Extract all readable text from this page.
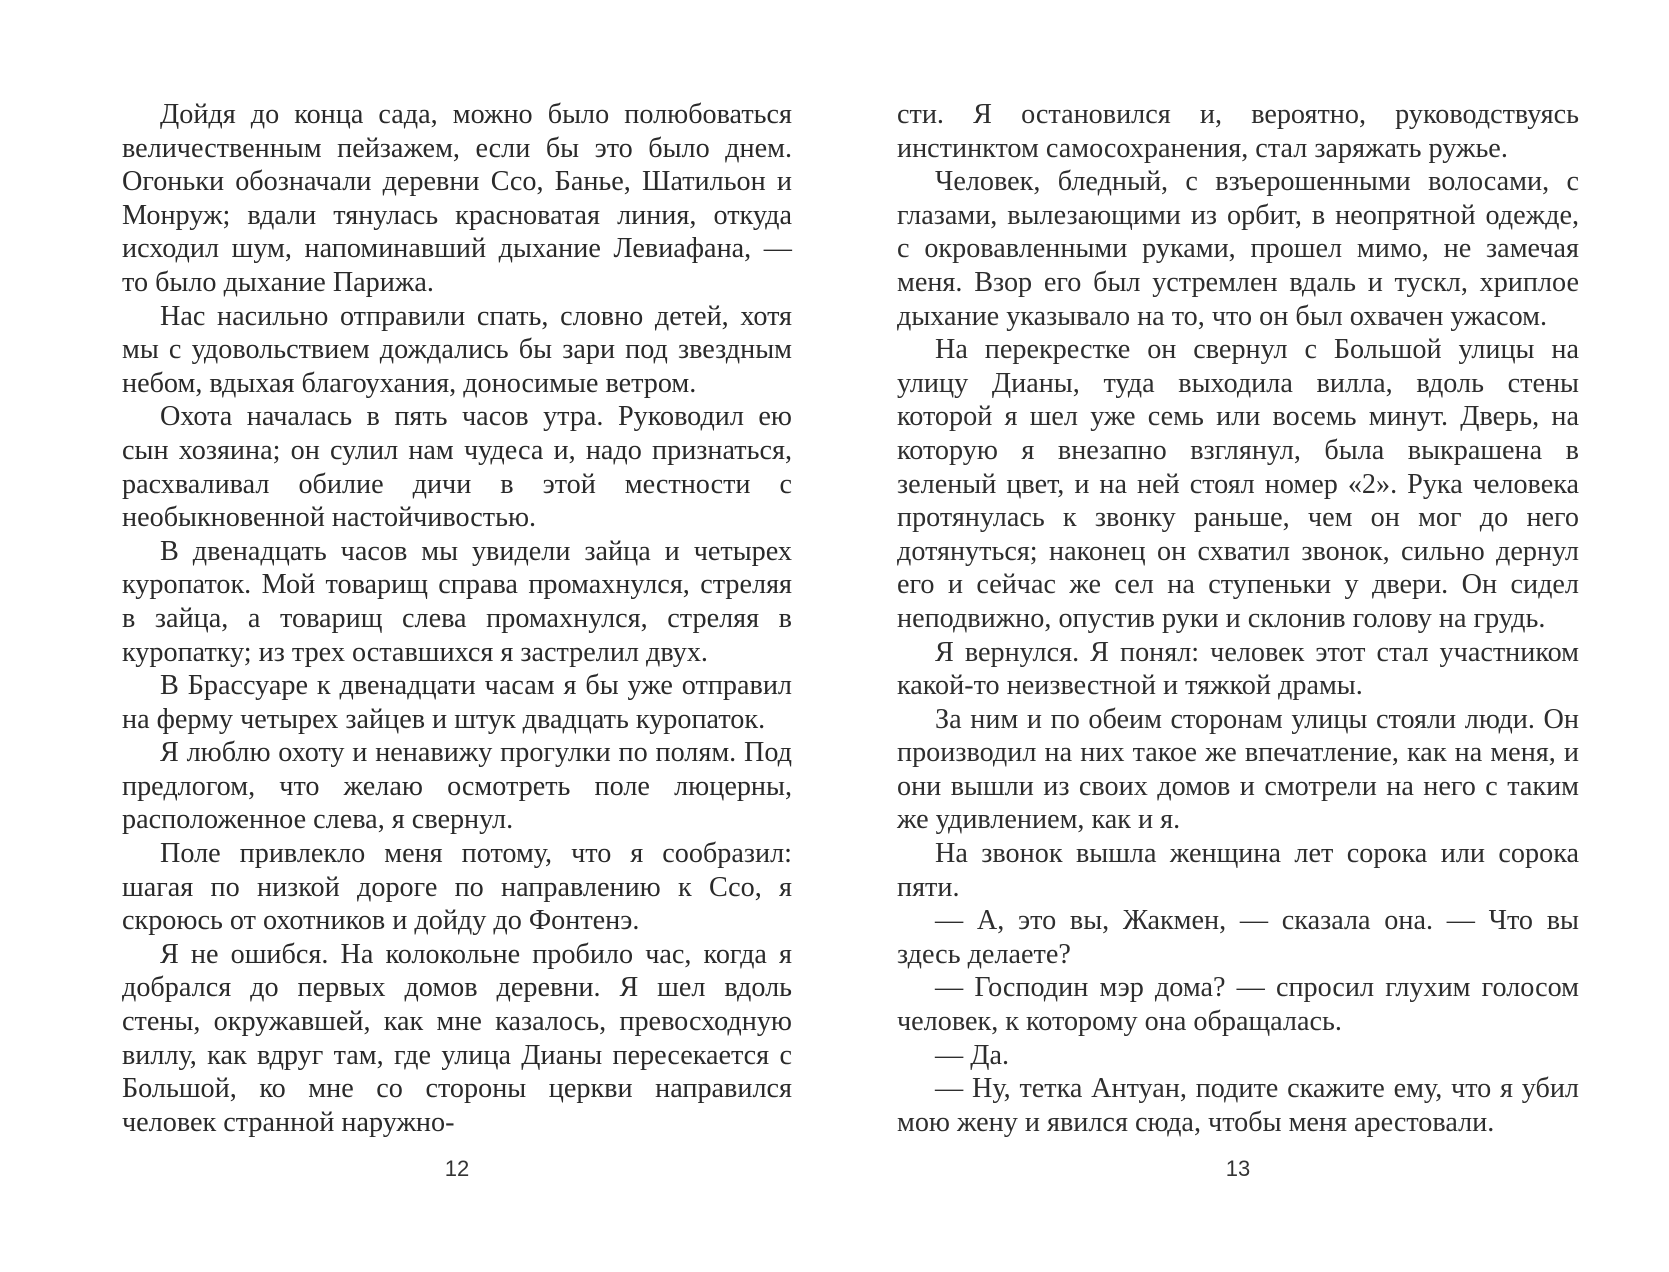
Дойдя до конца сада, можно было полюбоваться величественным пейзажем, если бы это было днем. Огоньки обозначали деревни Ссо, Банье, Шатильон и Монруж; вдали тянулась красноватая линия, откуда исходил шум, напоминавший дыхание Левиафана, — то было дыхание Парижа.

Нас насильно отправили спать, словно детей, хотя мы с удовольствием дождались бы зари под звездным небом, вдыхая благоухания, доносимые ветром.

Охота началась в пять часов утра. Руководил ею сын хозяина; он сулил нам чудеса и, надо признаться, расхваливал обилие дичи в этой местности с необыкновенной настойчивостью.

В двенадцать часов мы увидели зайца и четырех куропаток. Мой товарищ справа промахнулся, стреляя в зайца, а товарищ слева промахнулся, стреляя в куропатку; из трех оставшихся я застрелил двух.

В Брассуаре к двенадцати часам я бы уже отправил на ферму четырех зайцев и штук двадцать куропаток.

Я люблю охоту и ненавижу прогулки по полям. Под предлогом, что желаю осмотреть поле люцерны, расположенное слева, я свернул.

Поле привлекло меня потому, что я сообразил: шагая по низкой дороге по направлению к Ссо, я скроюсь от охотников и дойду до Фонтенэ.

Я не ошибся. На колокольне пробило час, когда я добрался до первых домов деревни. Я шел вдоль стены, окружавшей, как мне казалось, превосходную виллу, как вдруг там, где улица Дианы пересекается с Большой, ко мне со стороны церкви направился человек странной наружно-

12

сти. Я остановился и, вероятно, руководствуясь инстинктом самосохранения, стал заряжать ружье.

Человек, бледный, с взъерошенными волосами, с глазами, вылезающими из орбит, в неопрятной одежде, с окровавленными руками, прошел мимо, не замечая меня. Взор его был устремлен вдаль и тускл, хриплое дыхание указывало на то, что он был охвачен ужасом.

На перекрестке он свернул с Большой улицы на улицу Дианы, туда выходила вилла, вдоль стены которой я шел уже семь или восемь минут. Дверь, на которую я внезапно взглянул, была выкрашена в зеленый цвет, и на ней стоял номер «2». Рука человека протянулась к звонку раньше, чем он мог до него дотянуться; наконец он схватил звонок, сильно дернул его и сейчас же сел на ступеньки у двери. Он сидел неподвижно, опустив руки и склонив голову на грудь.

Я вернулся. Я понял: человек этот стал участником какой-то неизвестной и тяжкой драмы.

За ним и по обеим сторонам улицы стояли люди. Он производил на них такое же впечатление, как на меня, и они вышли из своих домов и смотрели на него с таким же удивлением, как и я.

На звонок вышла женщина лет сорока или сорока пяти.

— А, это вы, Жакмен, — сказала она. — Что вы здесь делаете?

— Господин мэр дома? — спросил глухим голосом человек, к которому она обращалась.

— Да.

— Ну, тетка Антуан, подите скажите ему, что я убил мою жену и явился сюда, чтобы меня арестовали.

13
